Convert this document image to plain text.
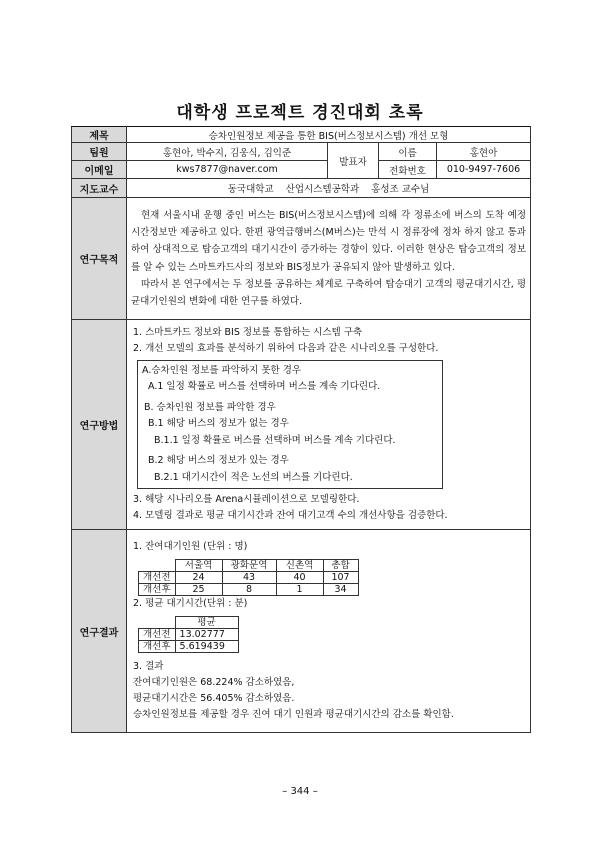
대학생 프로젝트 경진대회 초록
제목	승차인원정보 제공을 통한 BIS(버스정보시스템) 개선 모형
팀원	홍현아, 박수지, 김웅식, 김익준	발표자	이름	홍현아
이메일	kws7877@naver.com	전화번호	010-9497-7606
지도교수	동국대학교    산업시스템공학과    홍성조 교수님
연구목적	

현재 서울시내 운행 중인 버스는 BIS(버스정보시스템)에 의해 각 정류소에 버스의 도착 예정시간정보만 제공하고 있다. 한편 광역급행버스(M버스)는 만석 시 정류장에 정차 하지 않고 통과하여 상대적으로 탑승고객의 대기시간이 증가하는 경향이 있다. 이러한 현상은 탑승고객의 정보를 알 수 있는 스마트카드사의 정보와 BIS정보가 공유되지 않아 발생하고 있다.

따라서 본 연구에서는 두 정보를 공유하는 체계로 구축하여 탑승대기 고객의 평균대기시간, 평균대기인원의 변화에 대한 연구를 하였다.

연구방법	
1. 스마트카드 정보와 BIS 정보를 통합하는 시스템 구축
2. 개선 모델의 효과를 분석하기 위하여 다음과 같은 시나리오를 구성한다.
A.승차인원 정보를 파악하지 못한 경우
A.1 일정 확률로 버스를 선택하며 버스를 계속 기다린다.
B. 승차인원 정보를 파악한 경우
B.1 해당 버스의 정보가 없는 경우
B.1.1 일정 확률로 버스를 선택하며 버스를 계속 기다린다.
B.2 해당 버스의 정보가 있는 경우
B.2.1 대기시간이 적은 노선의 버스를 기다린다.
3. 해당 시나리오를 Arena시뮬레이션으로 모델링한다.
4. 모델링 결과로 평균 대기시간과 잔여 대기고객 수의 개선사항을 검증한다.

연구결과	
1. 잔여대기인원 (단위 : 명)
	서울역	광화문역	신촌역	총합
개선전	24	43	40	107
개선후	25	8	1	34
2. 평균 대기시간(단위 : 분)
	평균
개선전	13.02777
개선후	5.619439
3. 결과
잔여대기인원은 68.224% 감소하였음,
평균대기시간은 56.405% 감소하였음.
승차인원정보를 제공할 경우 진여 대기 인원과 평균대기시간의 감소를 확인함.
– 344 –
